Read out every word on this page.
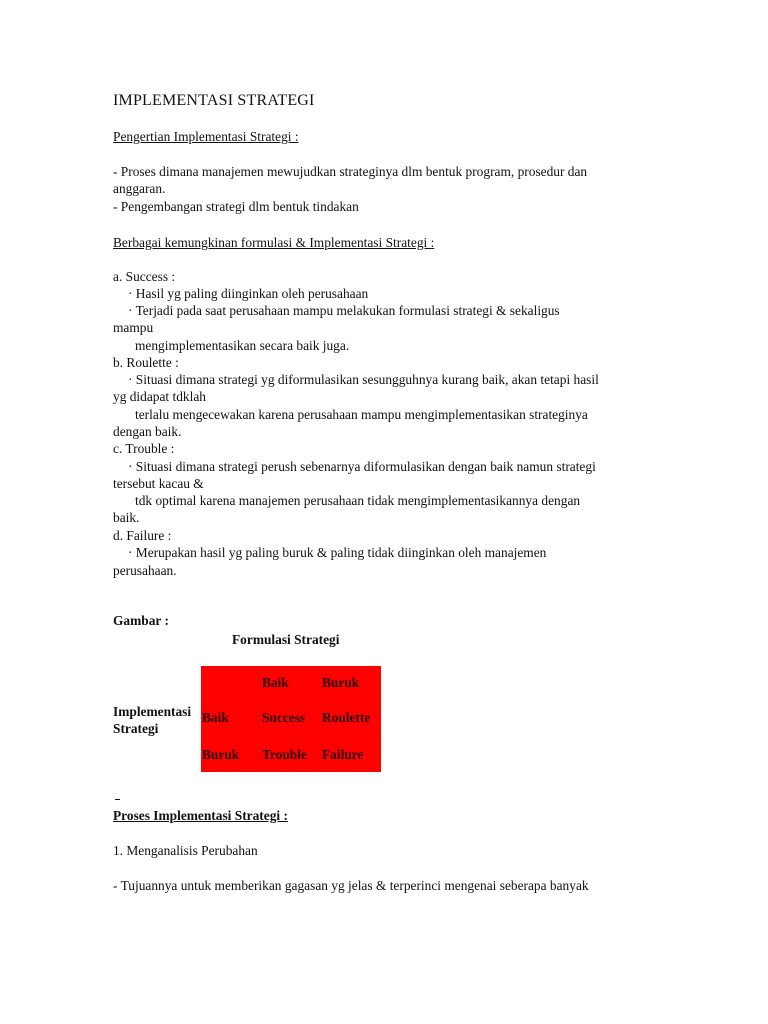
IMPLEMENTASI STRATEGI

Pengertian Implementasi Strategi :

- Proses dimana manajemen mewujudkan strateginya dlm bentuk program, prosedur dan

anggaran.

- Pengembangan strategi dlm bentuk tindakan

Berbagai kemungkinan formulasi & Implementasi Strategi :

a. Success :

· Hasil yg paling diinginkan oleh perusahaan

· Terjadi pada saat perusahaan mampu melakukan formulasi strategi & sekaligus

mampu

mengimplementasikan secara baik juga.

b. Roulette :

· Situasi dimana strategi yg diformulasikan sesungguhnya kurang baik, akan tetapi hasil

yg didapat tdklah

terlalu mengecewakan karena perusahaan mampu mengimplementasikan strateginya

dengan baik.

c. Trouble :

· Situasi dimana strategi perush sebenarnya diformulasikan dengan baik namun strategi

tersebut kacau &

tdk optimal karena manajemen perusahaan tidak mengimplementasikannya dengan

baik.

d. Failure :

· Merupakan hasil yg paling buruk & paling tidak diinginkan oleh manajemen

perusahaan.

Gambar :

Formulasi Strategi
Implementasi
Strategi
Baik Buruk
Baik Success Roulette
Buruk Trouble Failure

Proses Implementasi Strategi :

1. Menganalisis Perubahan

- Tujuannya untuk memberikan gagasan yg jelas & terperinci mengenai seberapa banyak
